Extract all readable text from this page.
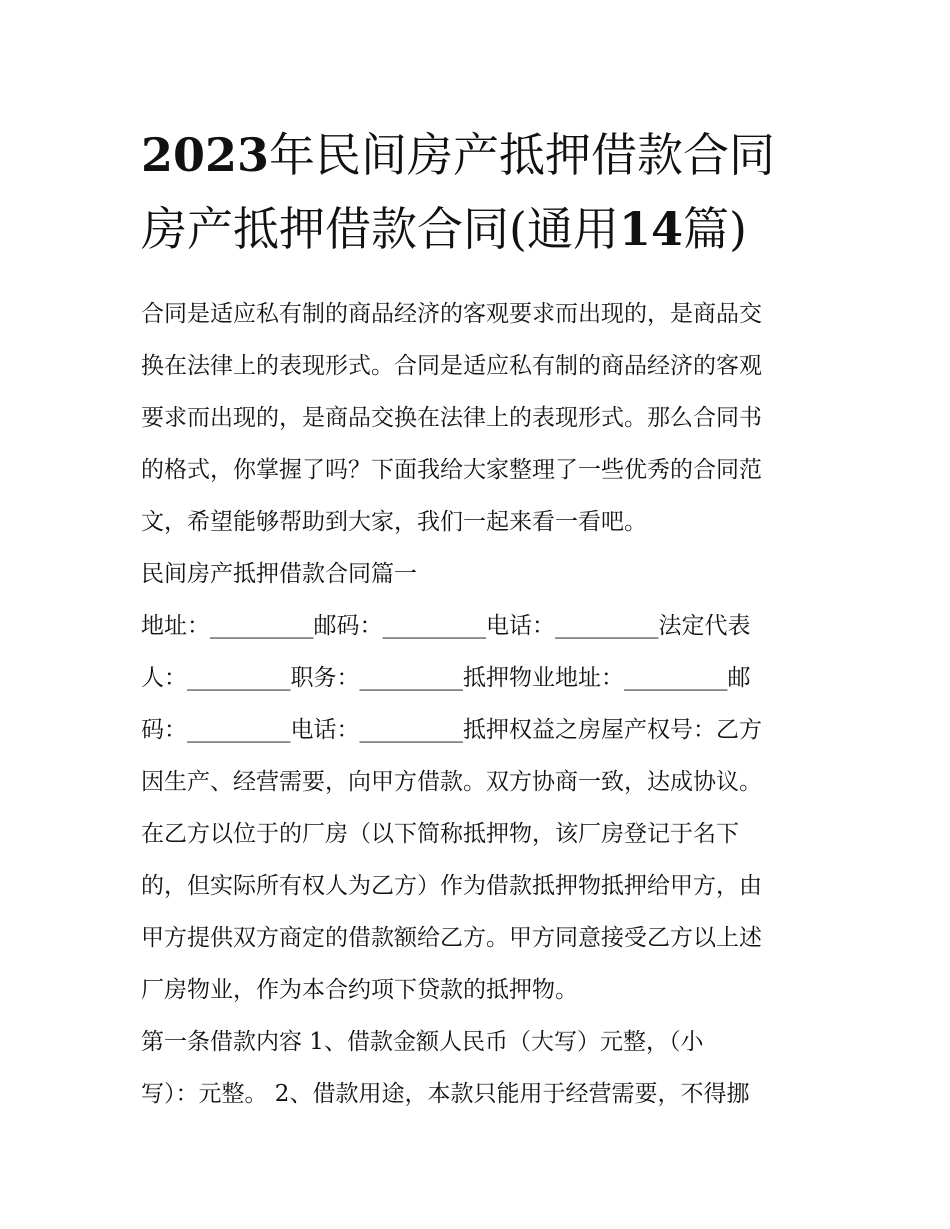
2023年民间房产抵押借款合同
房产抵押借款合同(通用14篇)

合同是适应私有制的商品经济的客观要求而出现的，是商品交
换在法律上的表现形式。合同是适应私有制的商品经济的客观
要求而出现的，是商品交换在法律上的表现形式。那么合同书
的格式，你掌握了吗？下面我给大家整理了一些优秀的合同范
文，希望能够帮助到大家，我们一起来看一看吧。

民间房产抵押借款合同篇一

地址：_________邮码：_________电话：_________法定代表
人：_________职务：_________抵押物业地址：_________邮
码：_________电话：_________抵押权益之房屋产权号：乙方
因生产、经营需要，向甲方借款。双方协商一致，达成协议。
在乙方以位于的厂房（以下简称抵押物，该厂房登记于名下
的，但实际所有权人为乙方）作为借款抵押物抵押给甲方，由
甲方提供双方商定的借款额给乙方。甲方同意接受乙方以上述
厂房物业，作为本合约项下贷款的抵押物。

第一条借款内容 1、借款金额人民币（大写）元整，（小
写）：元整。 2、借款用途，本款只能用于经营需要，不得挪
